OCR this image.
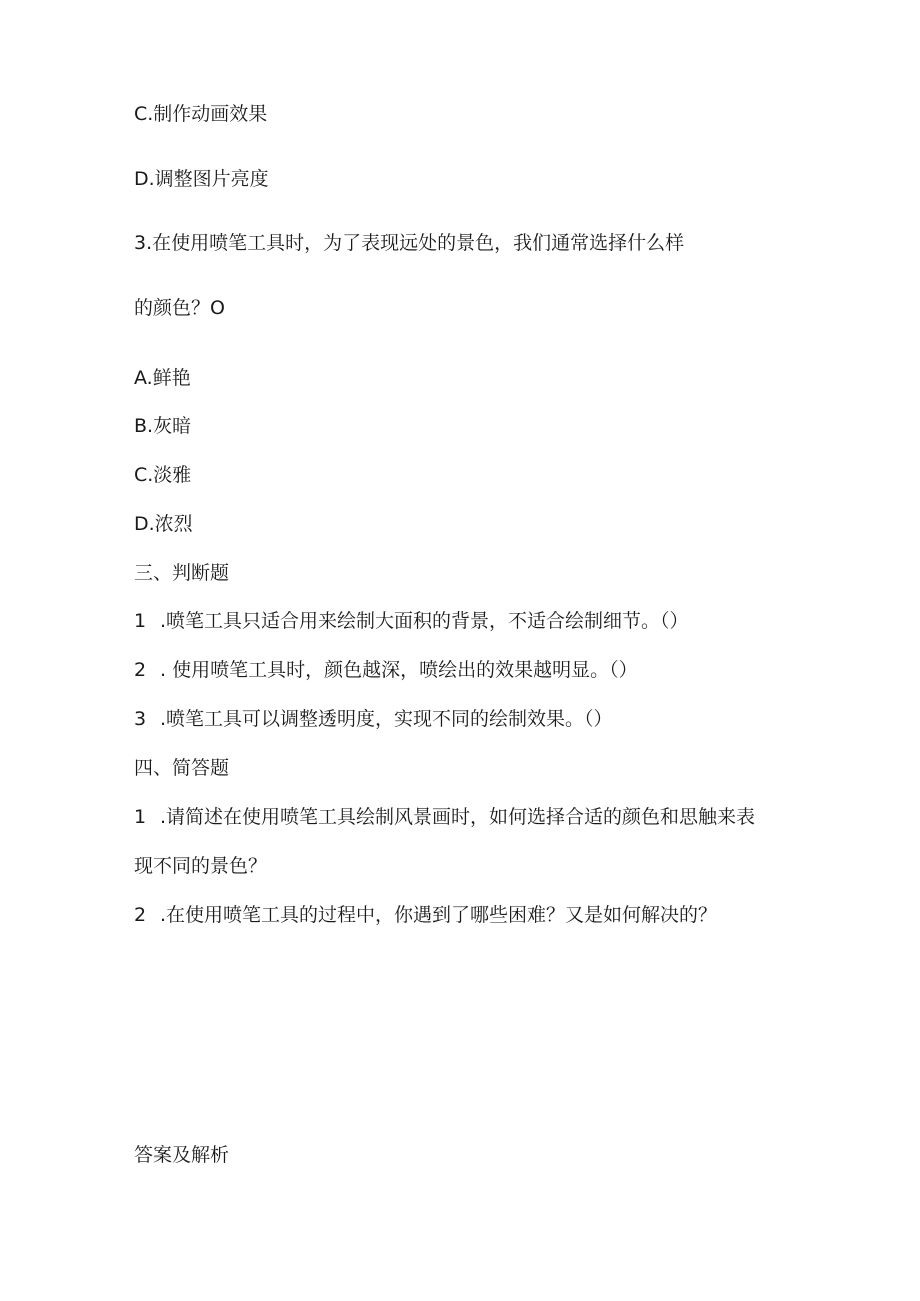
C.制作动画效果
D.调整图片亮度
3.在使用喷笔工具时，为了表现远处的景色，我们通常选择什么样
的颜色？O
A.鲜艳
B.灰暗
C.淡雅
D.浓烈
三、判断题
1 .喷笔工具只适合用来绘制大面积的背景，不适合绘制细节。（）
2 . 使用喷笔工具时，颜色越深，喷绘出的效果越明显。（）
3 .喷笔工具可以调整透明度，实现不同的绘制效果。（）
四、简答题
1 .请简述在使用喷笔工具绘制风景画时，如何选择合适的颜色和思触来表
现不同的景色？
2 .在使用喷笔工具的过程中，你遇到了哪些困难？又是如何解决的？
答案及解析
